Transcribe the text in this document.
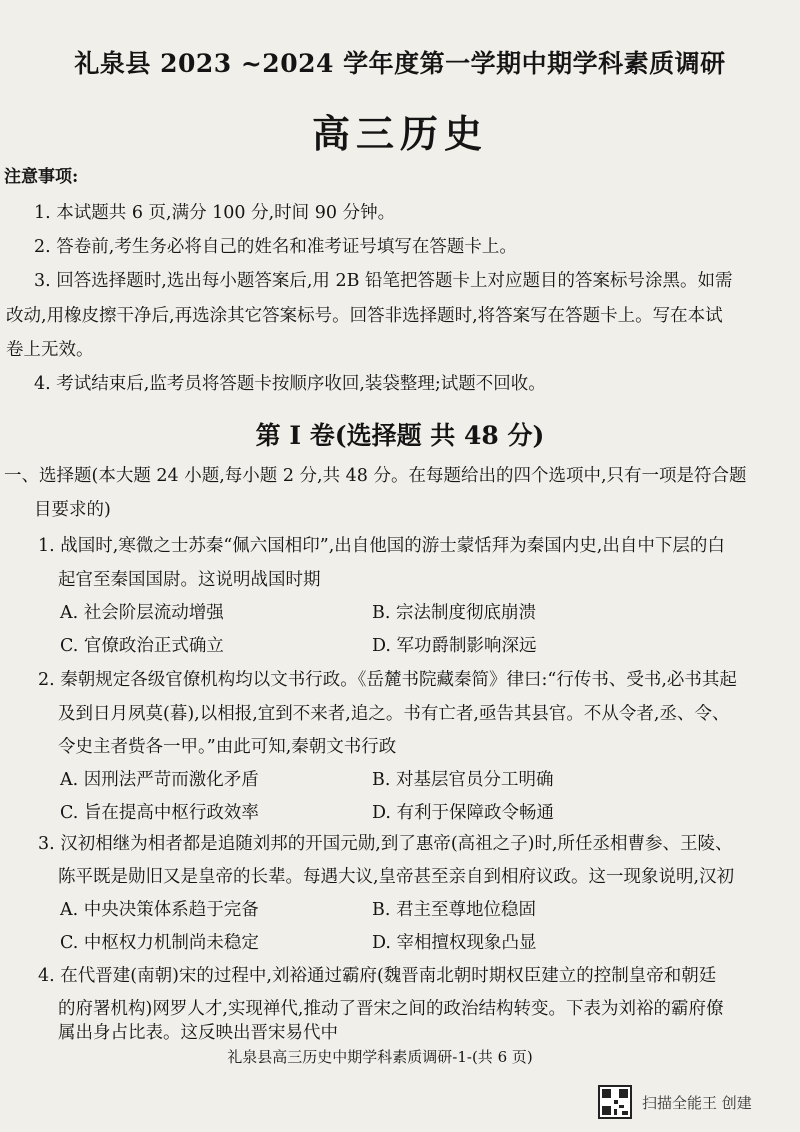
礼泉县 2023 ~2024 学年度第一学期中期学科素质调研
高三历史
注意事项:
1. 本试题共 6 页,满分 100 分,时间 90 分钟。
2. 答卷前,考生务必将自己的姓名和准考证号填写在答题卡上。
3. 回答选择题时,选出每小题答案后,用 2B 铅笔把答题卡上对应题目的答案标号涂黑。如需
改动,用橡皮擦干净后,再选涂其它答案标号。回答非选择题时,将答案写在答题卡上。写在本试
卷上无效。
4. 考试结束后,监考员将答题卡按顺序收回,装袋整理;试题不回收。
第 I 卷(选择题 共 48 分)
一、选择题(本大题 24 小题,每小题 2 分,共 48 分。在每题给出的四个选项中,只有一项是符合题
目要求的)
1. 战国时,寒微之士苏秦“佩六国相印”,出自他国的游士蒙恬拜为秦国内史,出自中下层的白
起官至秦国国尉。这说明战国时期
A. 社会阶层流动增强	B. 宗法制度彻底崩溃
C. 官僚政治正式确立	D. 军功爵制影响深远
2. 秦朝规定各级官僚机构均以文书行政。《岳麓书院藏秦简》律曰:“行传书、受书,必书其起
及到日月夙莫(暮),以相报,宜到不来者,追之。书有亡者,亟告其县官。不从令者,丞、令、
令史主者赀各一甲。”由此可知,秦朝文书行政
A. 因刑法严苛而激化矛盾	B. 对基层官员分工明确
C. 旨在提高中枢行政效率	D. 有利于保障政令畅通
3. 汉初相继为相者都是追随刘邦的开国元勋,到了惠帝(高祖之子)时,所任丞相曹参、王陵、
陈平既是勋旧又是皇帝的长辈。每遇大议,皇帝甚至亲自到相府议政。这一现象说明,汉初
A. 中央决策体系趋于完备	B. 君主至尊地位稳固
C. 中枢权力机制尚未稳定	D. 宰相擅权现象凸显
4. 在代晋建(南朝)宋的过程中,刘裕通过霸府(魏晋南北朝时期权臣建立的控制皇帝和朝廷
的府署机构)网罗人才,实现禅代,推动了晋宋之间的政治结构转变。下表为刘裕的霸府僚
属出身占比表。这反映出晋宋易代中
礼泉县高三历史中期学科素质调研-1-(共 6 页)
扫描全能王 创建
